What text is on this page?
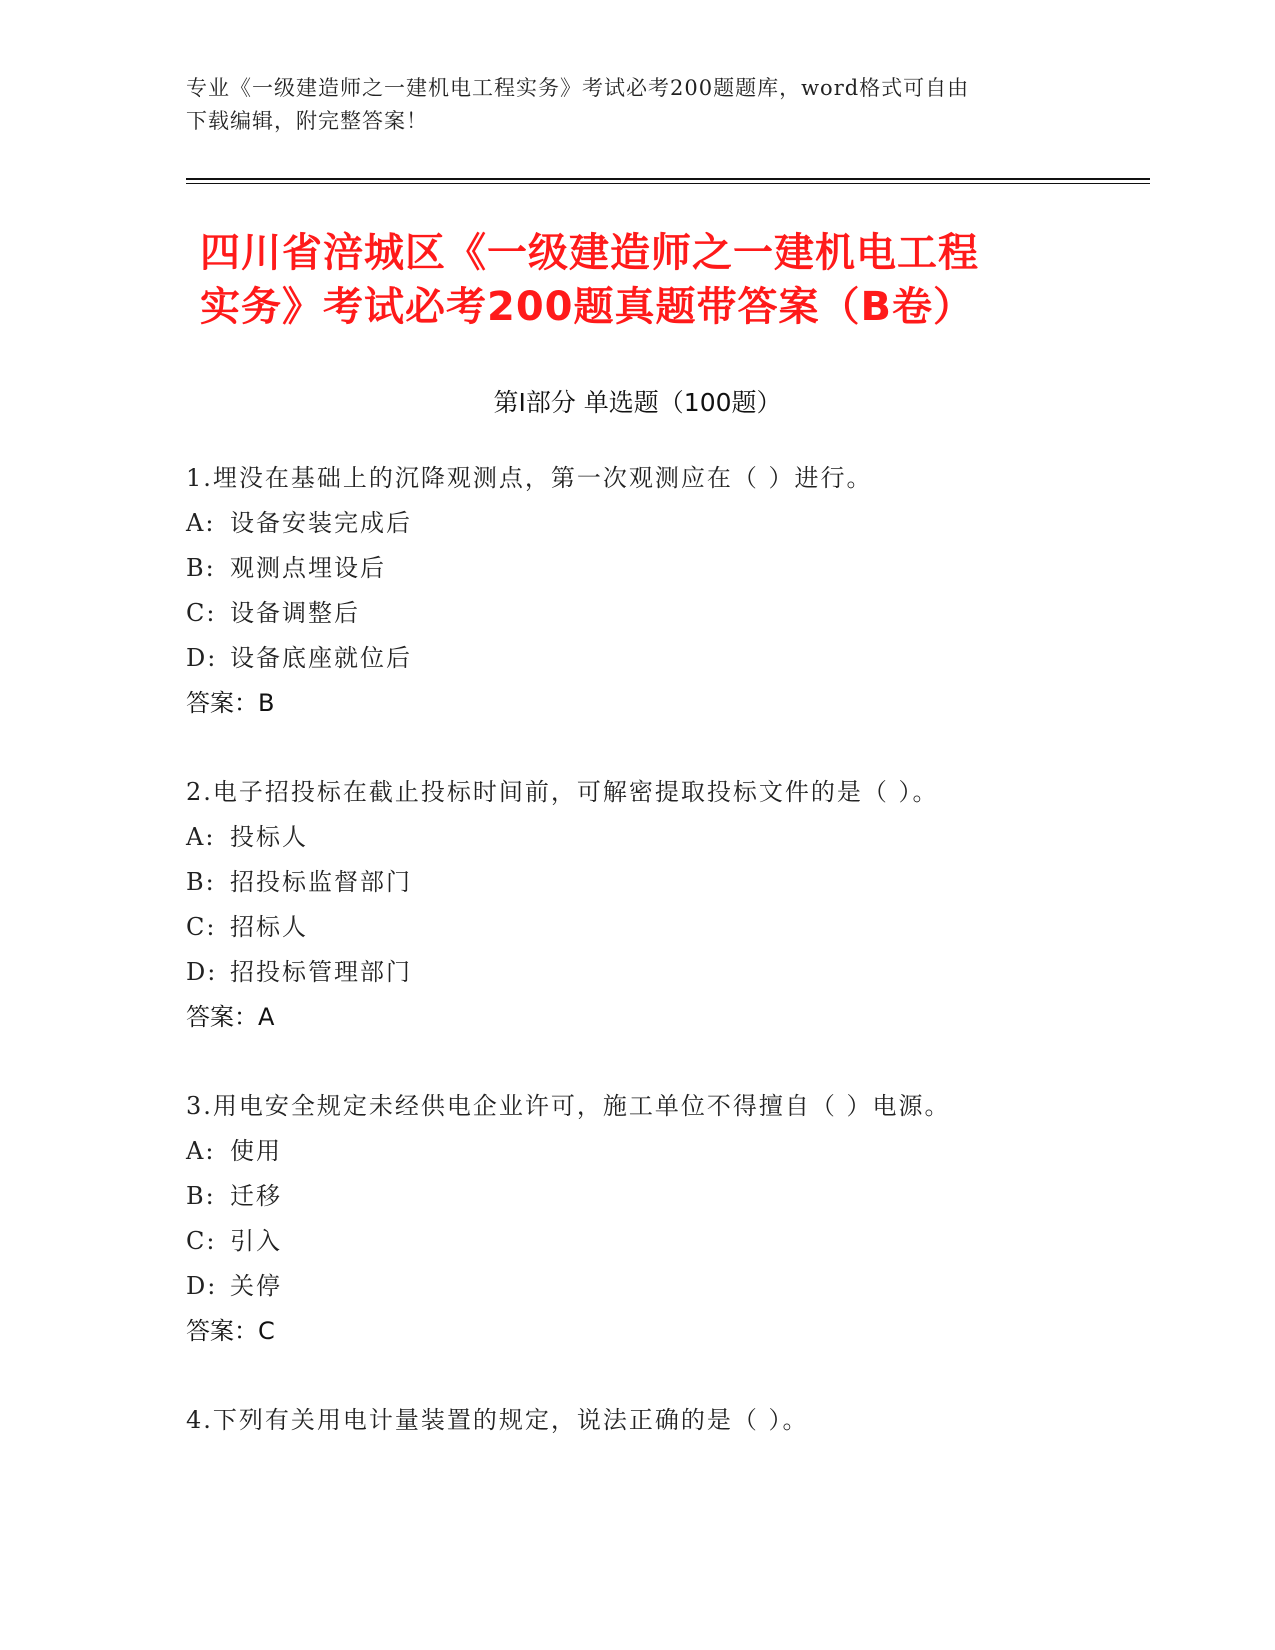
专业《一级建造师之一建机电工程实务》考试必考200题题库，word格式可自由
下载编辑，附完整答案！
四川省涪城区《一级建造师之一建机电工程
实务》考试必考200题真题带答案（B卷）
第Ⅰ部分 单选题（100题）
1.埋没在基础上的沉降观测点，第一次观测应在（ ）进行。
A: 设备安装完成后
B: 观测点埋设后
C: 设备调整后
D: 设备底座就位后
答案：B
2.电子招投标在截止投标时间前，可解密提取投标文件的是（ ）。
A: 投标人
B: 招投标监督部门
C: 招标人
D: 招投标管理部门
答案：A
3.用电安全规定未经供电企业许可，施工单位不得擅自（ ）电源。
A: 使用
B: 迁移
C: 引入
D: 关停
答案：C
4.下列有关用电计量装置的规定，说法正确的是（ ）。
